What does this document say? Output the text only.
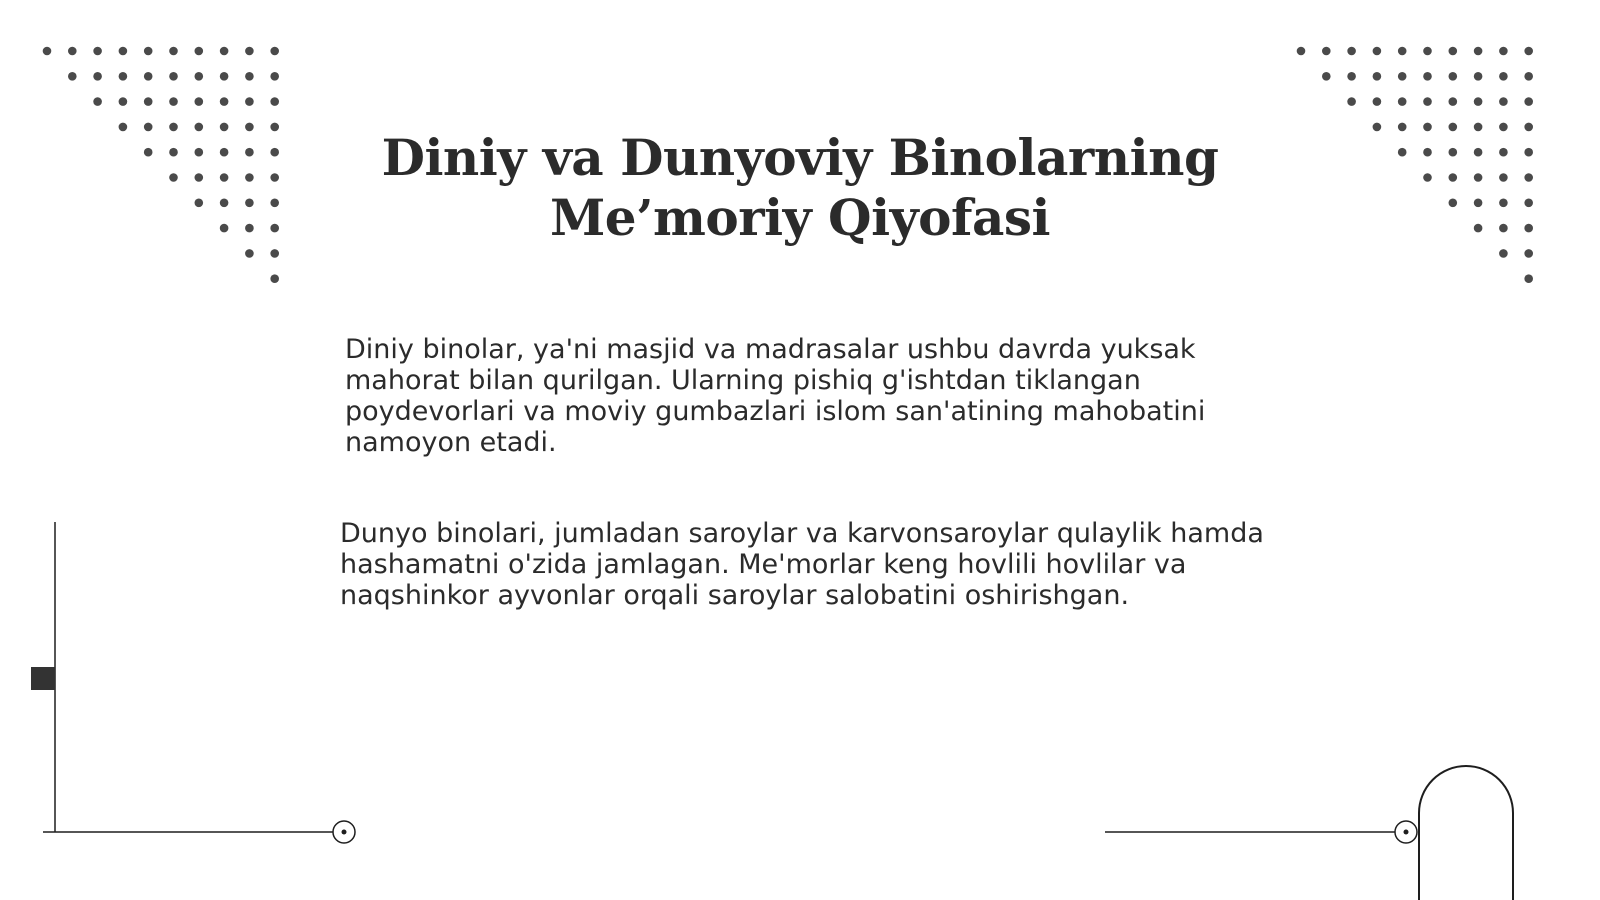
Diniy va Dunyoviy Binolarning
Me’moriy Qiyofasi

Diniy binolar, ya'ni masjid va madrasalar ushbu davrda yuksak mahorat bilan qurilgan. Ularning pishiq g'ishtdan tiklangan poydevorlari va moviy gumbazlari islom san'atining mahobatini namoyon etadi.

Dunyo binolari, jumladan saroylar va karvonsaroylar qulaylik hamda hashamatni o'zida jamlagan. Me'morlar keng hovlili hovlilar va naqshinkor ayvonlar orqali saroylar salobatini oshirishgan.
